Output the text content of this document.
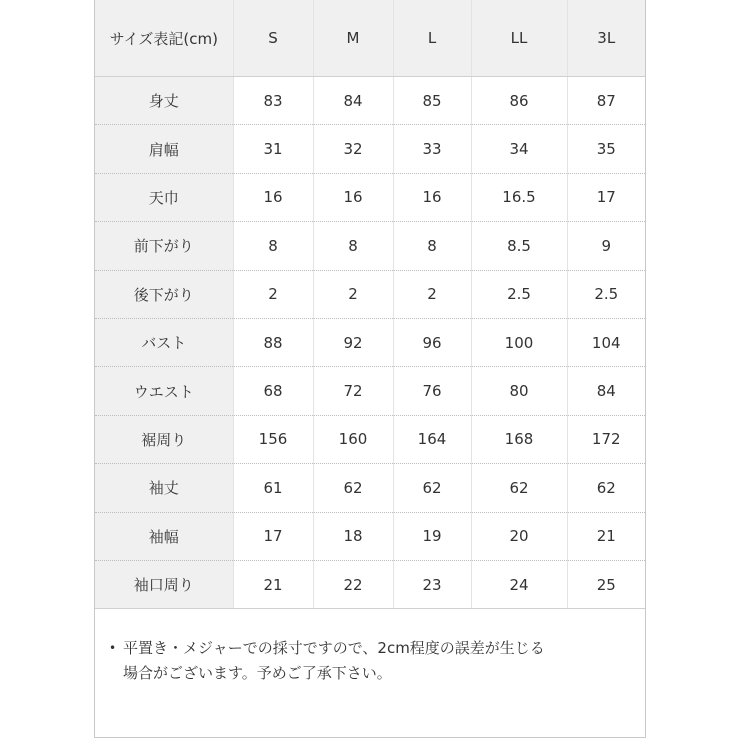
サイズ表記(cm)	S	M	L	LL	3L
身丈	83	84	85	86	87
肩幅	31	32	33	34	35
天巾	16	16	16	16.5	17
前下がり	8	8	8	8.5	9
後下がり	2	2	2	2.5	2.5
バスト	88	92	96	100	104
ウエスト	68	72	76	80	84
裾周り	156	160	164	168	172
袖丈	61	62	62	62	62
袖幅	17	18	19	20	21
袖口周り	21	22	23	24	25
• 平置き・メジャーでの採寸ですので、2cm程度の誤差が生じる
場合がございます。予めご了承下さい。
